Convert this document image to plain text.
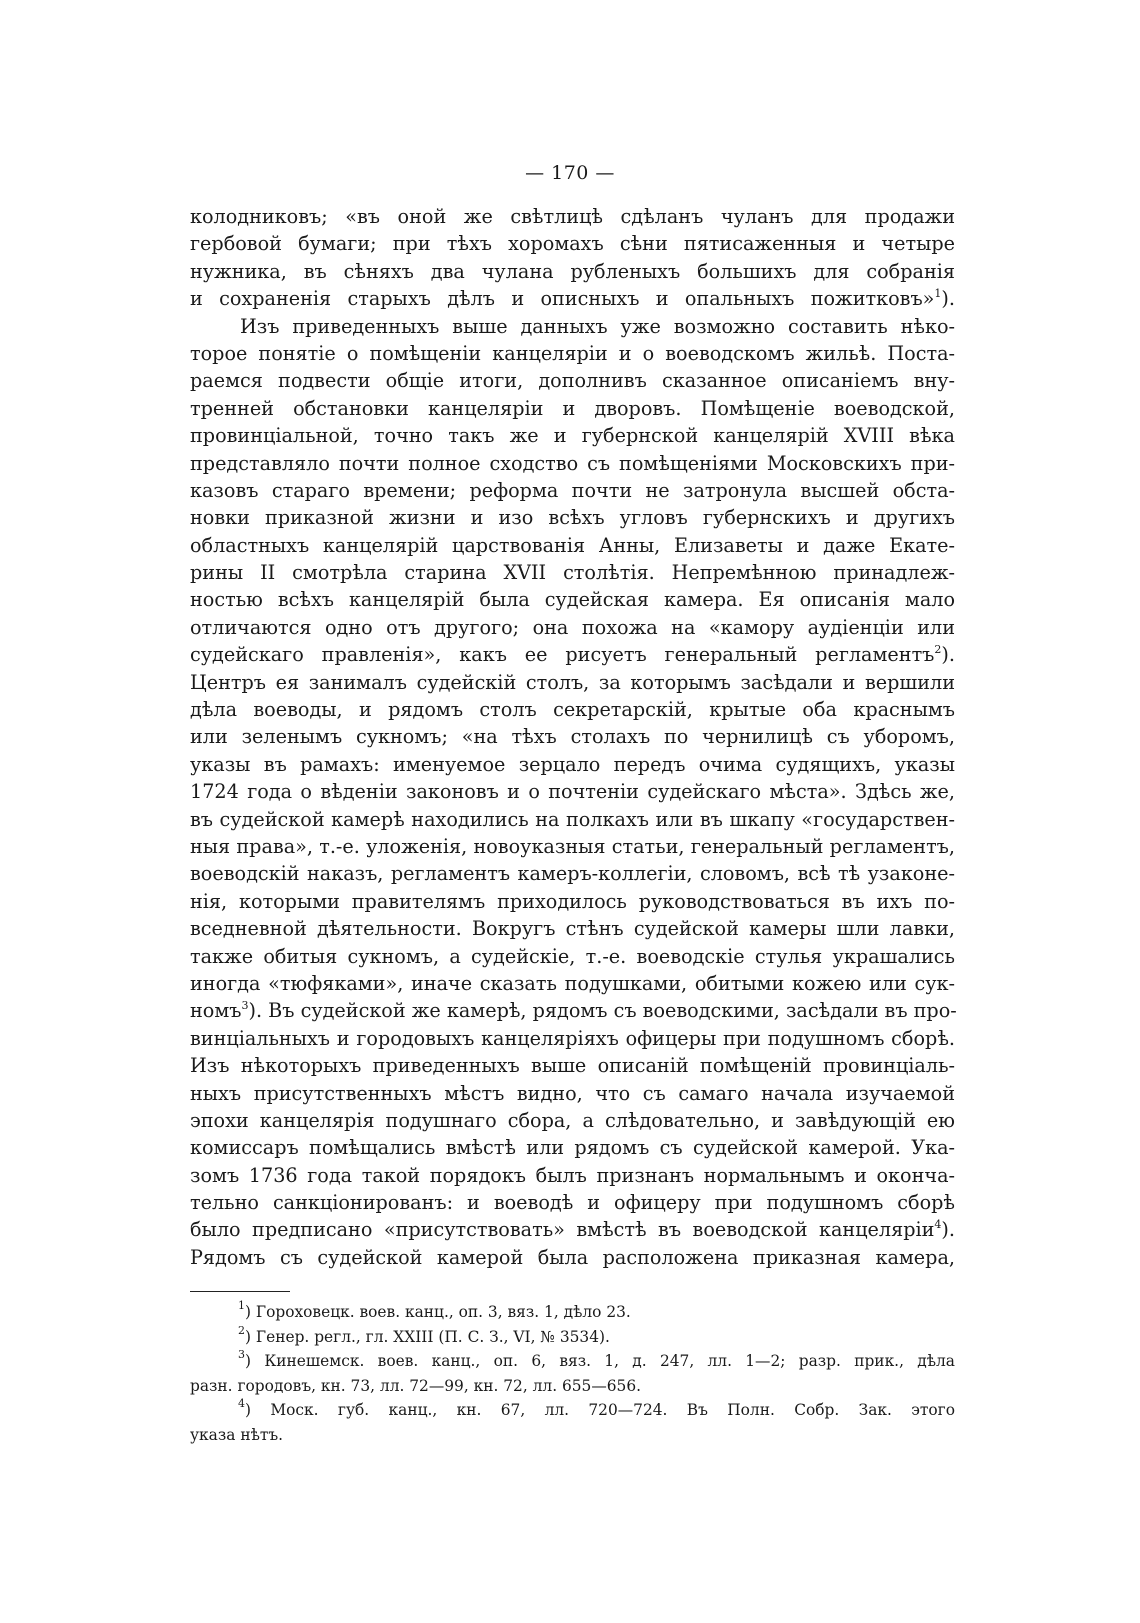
— 170 —
колодниковъ; «въ оной же свѣтлицѣ сдѣланъ чуланъ для продажи
гербовой бумаги; при тѣхъ хоромахъ сѣни пятисаженныя и четыре
нужника, въ сѣняхъ два чулана рубленыхъ большихъ для собранія
и сохраненія старыхъ дѣлъ и описныхъ и опальныхъ пожитковъ»$^1$).
Изъ приведенныхъ выше данныхъ уже возможно составить нѣко-
торое понятіе о помѣщеніи канцеляріи и о воеводскомъ жильѣ. Поста-
раемся подвести общіе итоги, дополнивъ сказанное описаніемъ вну-
тренней обстановки канцеляріи и дворовъ. Помѣщеніе воеводской,
провинціальной, точно такъ же и губернской канцелярій XVIII вѣка
представляло почти полное сходство съ помѣщеніями Московскихъ при-
казовъ стараго времени; реформа почти не затронула высшей обста-
новки приказной жизни и изо всѣхъ угловъ губернскихъ и другихъ
областныхъ канцелярій царствованія Анны, Елизаветы и даже Екате-
рины II смотрѣла старина XVII столѣтія. Непремѣнною принадлеж-
ностью всѣхъ канцелярій была судейская камера. Ея описанія мало
отличаются одно отъ другого; она похожа на «камору аудіенціи или
судейскаго правленія», какъ ее рисуетъ генеральный регламентъ$^2$).
Центръ ея занималъ судейскій столъ, за которымъ засѣдали и вершили
дѣла воеводы, и рядомъ столъ секретарскій, крытые оба краснымъ
или зеленымъ сукномъ; «на тѣхъ столахъ по чернилицѣ съ уборомъ,
указы въ рамахъ: именуемое зерцало передъ очима судящихъ, указы
1724 года о вѣденіи законовъ и о почтеніи судейскаго мѣста». Здѣсь же,
въ судейской камерѣ находились на полкахъ или въ шкапу «государствен-
ныя права», т.-е. уложенія, новоуказныя статьи, генеральный регламентъ,
воеводскій наказъ, регламентъ камеръ-коллегіи, словомъ, всѣ тѣ узаконе-
нія, которыми правителямъ приходилось руководствоваться въ ихъ по-
вседневной дѣятельности. Вокругъ стѣнъ судейской камеры шли лавки,
также обитыя сукномъ, а судейскіе, т.-е. воеводскіе стулья украшались
иногда «тюфяками», иначе сказать подушками, обитыми кожею или сук-
номъ$^3$). Въ судейской же камерѣ, рядомъ съ воеводскими, засѣдали въ про-
винціальныхъ и городовыхъ канцеляріяхъ офицеры при подушномъ сборѣ.
Изъ нѣкоторыхъ приведенныхъ выше описаній помѣщеній провинціаль-
ныхъ присутственныхъ мѣстъ видно, что съ самаго начала изучаемой
эпохи канцелярія подушнаго сбора, а слѣдовательно, и завѣдующій ею
комиссаръ помѣщались вмѣстѣ или рядомъ съ судейской камерой. Ука-
зомъ 1736 года такой порядокъ былъ признанъ нормальнымъ и оконча-
тельно санкціонированъ: и воеводѣ и офицеру при подушномъ сборѣ
было предписано «присутствовать» вмѣстѣ въ воеводской канцеляріи$^4$).
Рядомъ съ судейской камерой была расположена приказная камера,
$^1$) Гороховецк. воев. канц., оп. 3, вяз. 1, дѣло 23.
$^2$) Генер. регл., гл. XXIII (П. С. З., VI, № 3534).
$^3$) Кинешемск. воев. канц., оп. 6, вяз. 1, д. 247, лл. 1—2; разр. прик., дѣла
разн. городовъ, кн. 73, лл. 72—99, кн. 72, лл. 655—656.
$^4$) Моск. губ. канц., кн. 67, лл. 720—724. Въ Полн. Собр. Зак. этого
указа нѣтъ.
